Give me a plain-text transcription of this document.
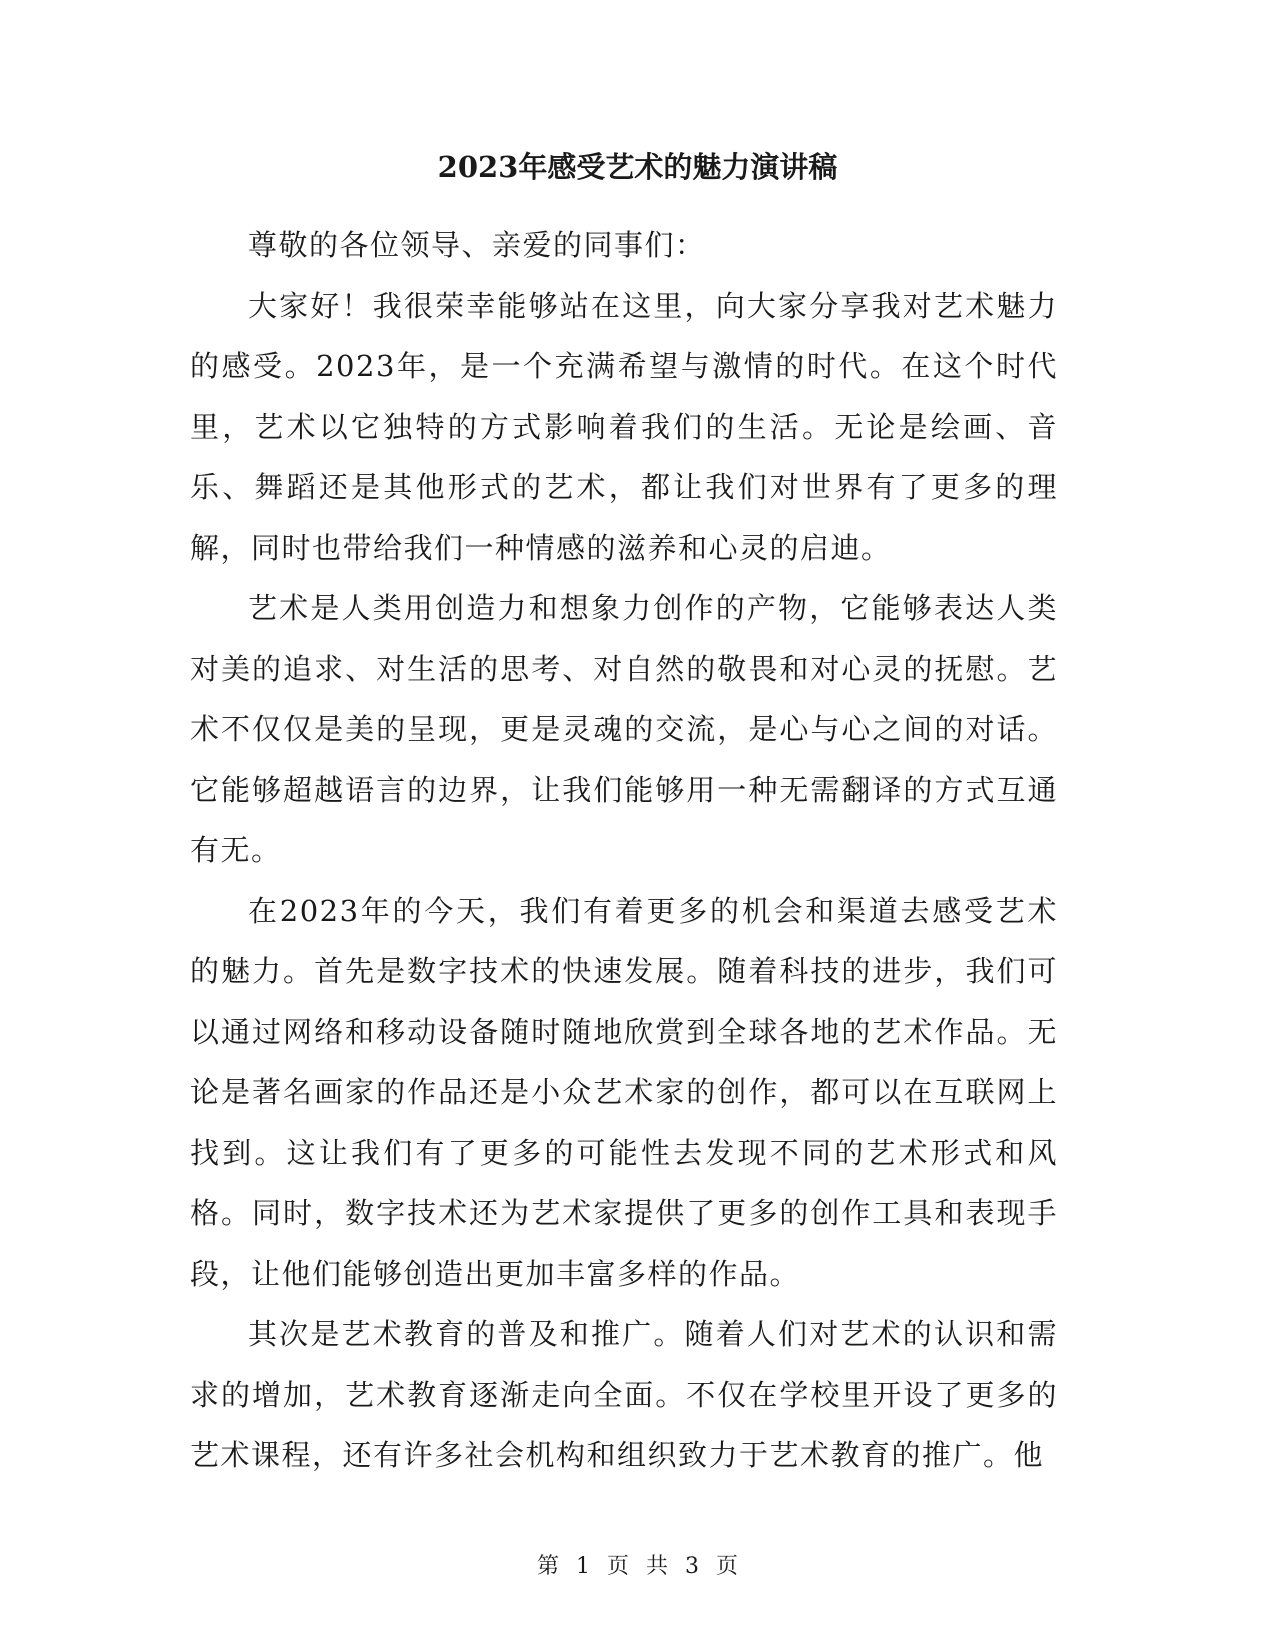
2023年感受艺术的魅力演讲稿

尊敬的各位领导、亲爱的同事们：

大家好！我很荣幸能够站在这里，向大家分享我对艺术魅力的感受。2023年，是一个充满希望与激情的时代。在这个时代里，艺术以它独特的方式影响着我们的生活。无论是绘画、音乐、舞蹈还是其他形式的艺术，都让我们对世界有了更多的理解，同时也带给我们一种情感的滋养和心灵的启迪。

艺术是人类用创造力和想象力创作的产物，它能够表达人类对美的追求、对生活的思考、对自然的敬畏和对心灵的抚慰。艺术不仅仅是美的呈现，更是灵魂的交流，是心与心之间的对话。它能够超越语言的边界，让我们能够用一种无需翻译的方式互通有无。

在2023年的今天，我们有着更多的机会和渠道去感受艺术的魅力。首先是数字技术的快速发展。随着科技的进步，我们可以通过网络和移动设备随时随地欣赏到全球各地的艺术作品。无论是著名画家的作品还是小众艺术家的创作，都可以在互联网上找到。这让我们有了更多的可能性去发现不同的艺术形式和风格。同时，数字技术还为艺术家提供了更多的创作工具和表现手段，让他们能够创造出更加丰富多样的作品。

其次是艺术教育的普及和推广。随着人们对艺术的认识和需求的增加，艺术教育逐渐走向全面。不仅在学校里开设了更多的艺术课程，还有许多社会机构和组织致力于艺术教育的推广。他

第 1 页 共 3 页
